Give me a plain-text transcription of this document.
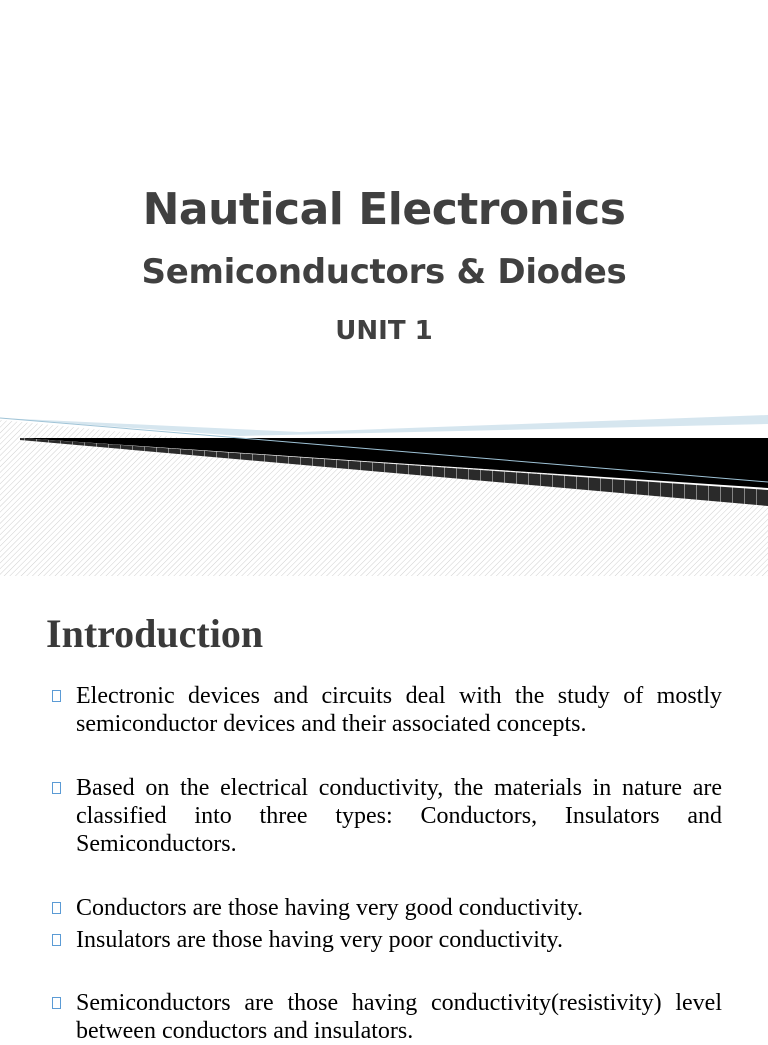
Nautical Electronics
Semiconductors & Diodes
UNIT 1
Introduction
Electronic devices and circuits deal with the study of mostly semiconductor devices and their associated concepts.
Based on the electrical conductivity, the materials in nature are classified into three types: Conductors, Insulators and Semiconductors.
Conductors are those having very good conductivity.
Insulators are those having very poor conductivity.
Semiconductors are those having conductivity(resistivity) level between conductors and insulators.
